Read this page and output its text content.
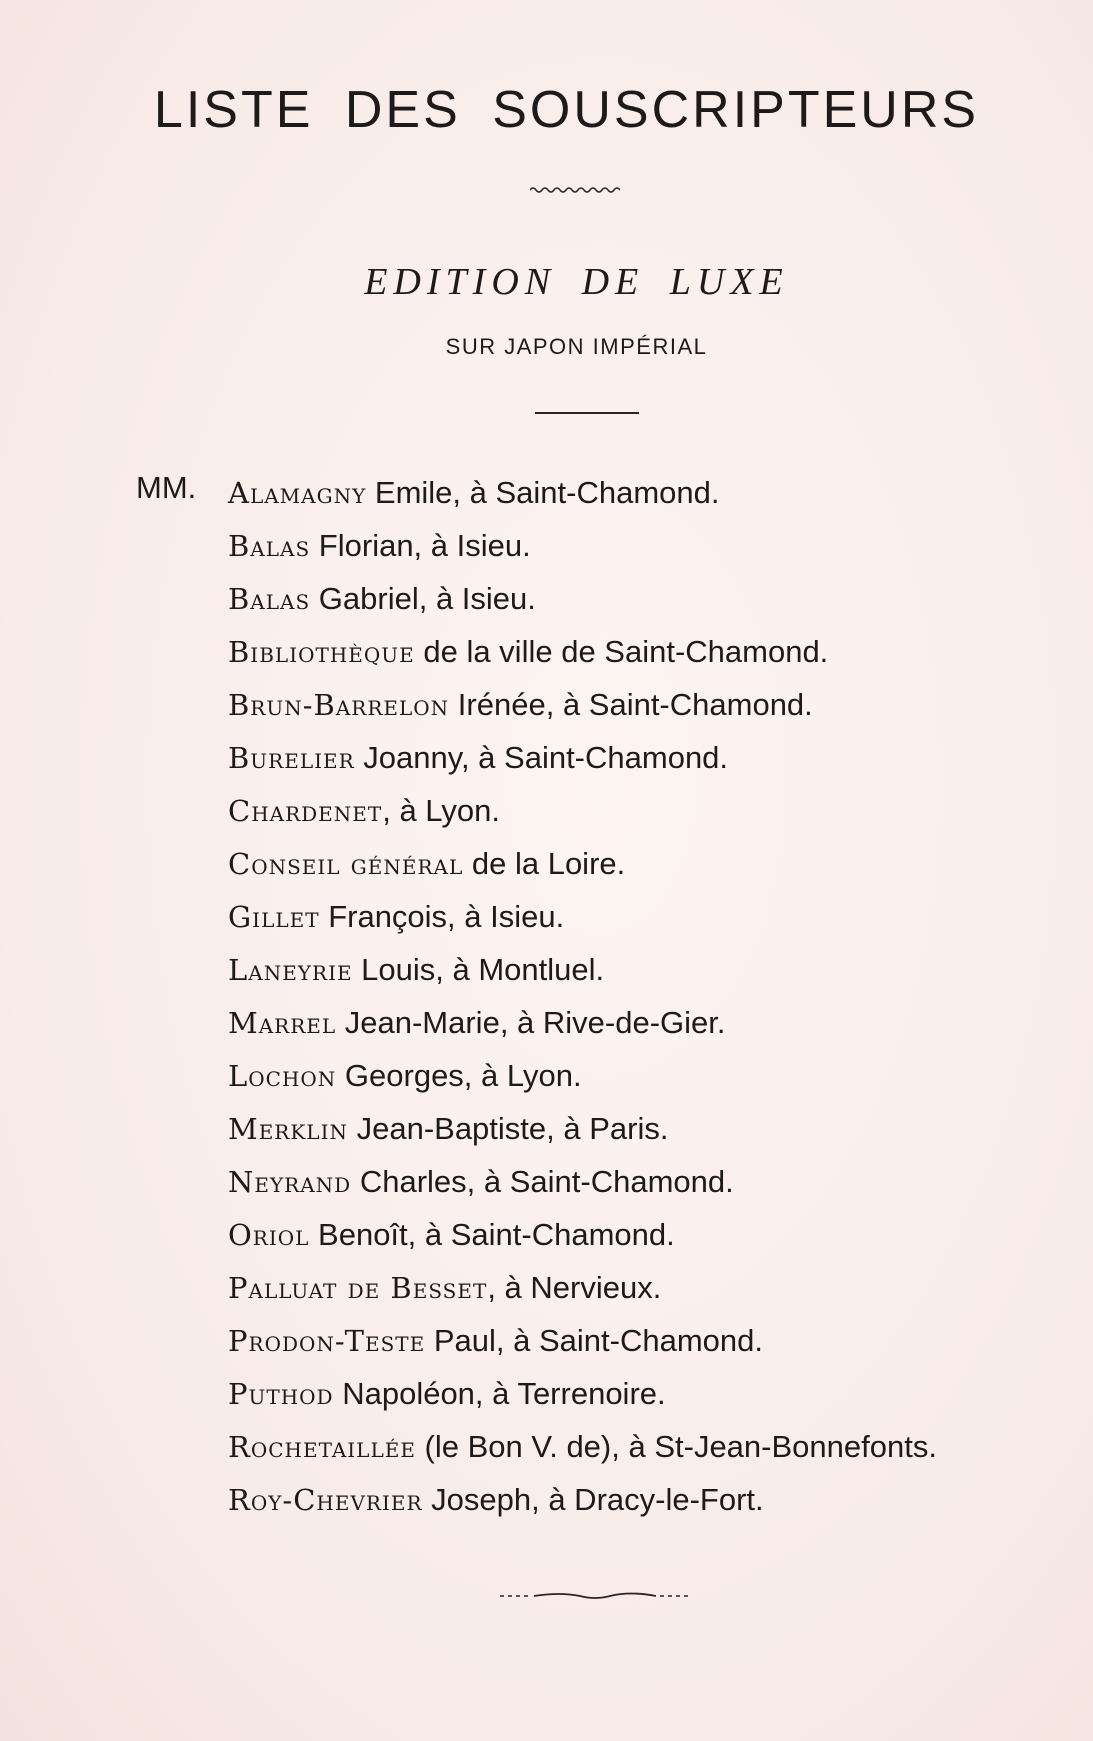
LISTE DES SOUSCRIPTEURS
EDITION DE LUXE
SUR JAPON IMPÉRIAL
MM. Alamagny Emile, à Saint-Chamond.
Balas Florian, à Isieu.
Balas Gabriel, à Isieu.
Bibliothèque de la ville de Saint-Chamond.
Brun-Barrelon Irénée, à Saint-Chamond.
Burelier Joanny, à Saint-Chamond.
Chardenet, à Lyon.
Conseil général de la Loire.
Gillet François, à Isieu.
Laneyrie Louis, à Montluel.
Marrel Jean-Marie, à Rive-de-Gier.
Lochon Georges, à Lyon.
Merklin Jean-Baptiste, à Paris.
Neyrand Charles, à Saint-Chamond.
Oriol Benoît, à Saint-Chamond.
Palluat de Besset, à Nervieux.
Prodon-Teste Paul, à Saint-Chamond.
Puthod Napoléon, à Terrenoire.
Rochetaillée (le Bon V. de), à St-Jean-Bonnefonts.
Roy-Chevrier Joseph, à Dracy-le-Fort.
